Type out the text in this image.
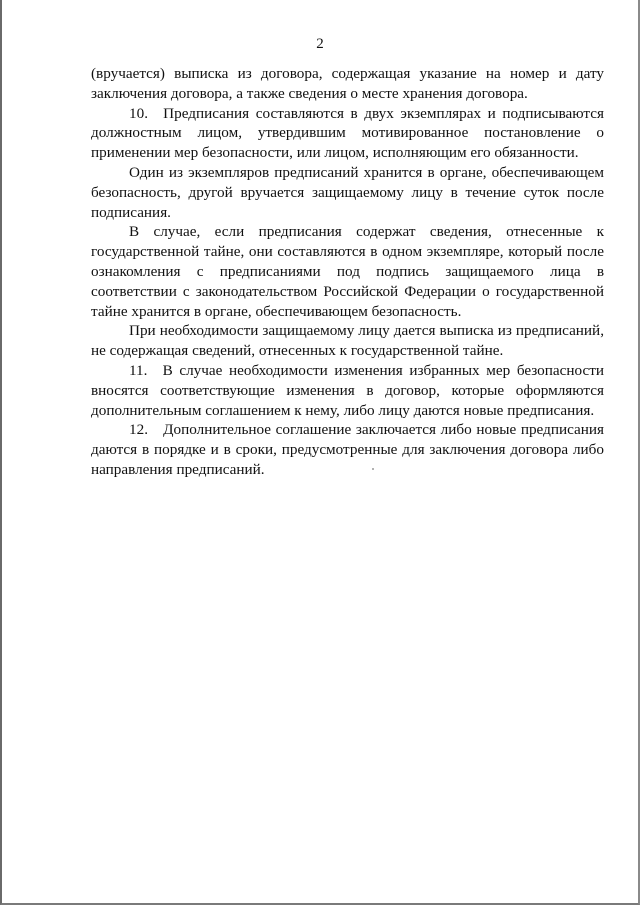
2

(вручается) выписка из договора, содержащая указание на номер и дату заключения договора, а также сведения о месте хранения договора.

10. Предписания составляются в двух экземплярах и подписываются должностным лицом, утвердившим мотивированное постановление о применении мер безопасности, или лицом, исполняющим его обязанности.

Один из экземпляров предписаний хранится в органе, обеспечивающем безопасность, другой вручается защищаемому лицу в течение суток после подписания.

В случае, если предписания содержат сведения, отнесенные к государственной тайне, они составляются в одном экземпляре, который после ознакомления с предписаниями под подпись защищаемого лица в соответствии с законодательством Российской Федерации о государственной тайне хранится в органе, обеспечивающем безопасность.

При необходимости защищаемому лицу дается выписка из предписаний, не содержащая сведений, отнесенных к государственной тайне.

11. В случае необходимости изменения избранных мер безопасности вносятся соответствующие изменения в договор, которые оформляются дополнительным соглашением к нему, либо лицу даются новые предписания.

12. Дополнительное соглашение заключается либо новые предписания даются в порядке и в сроки, предусмотренные для заключения договора либо направления предписаний.
